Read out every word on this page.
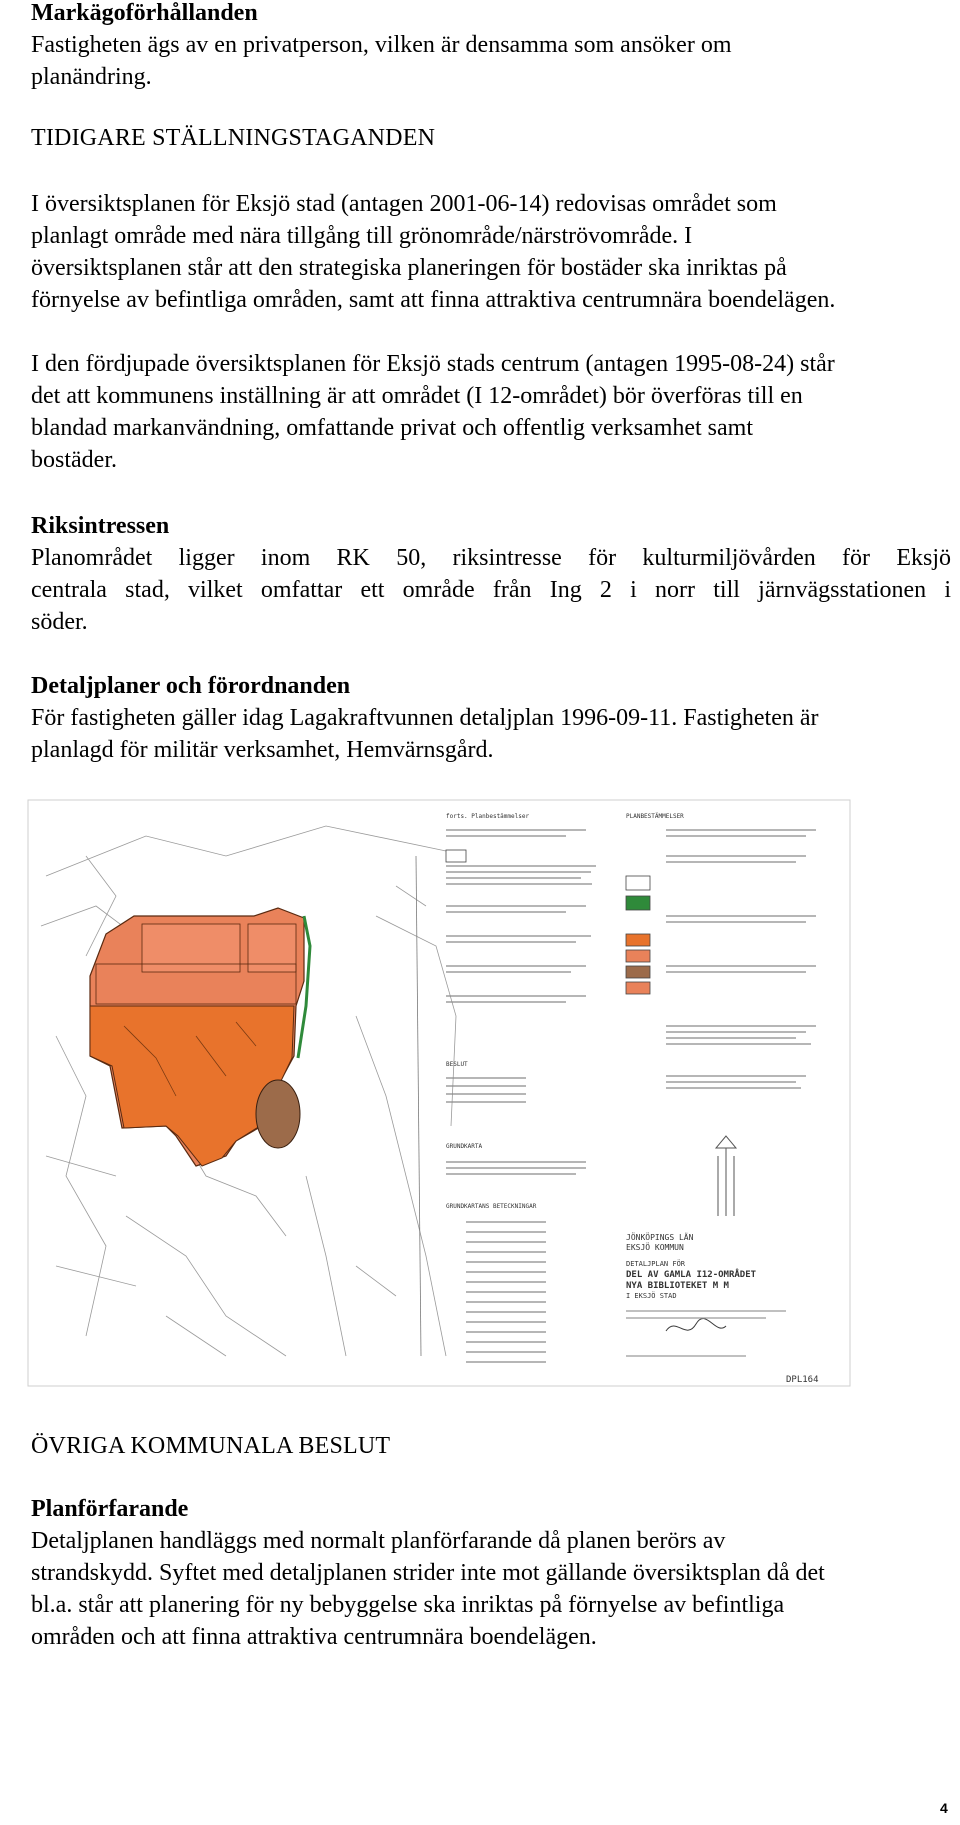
Markägoförhållanden
Fastigheten ägs av en privatperson, vilken är densamma som ansöker om
planändring.
TIDIGARE STÄLLNINGSTAGANDEN
I översiktsplanen för Eksjö stad (antagen 2001-06-14) redovisas området som
planlagt område med nära tillgång till grönområde/närströvområde. I
översiktsplanen står att den strategiska planeringen för bostäder ska inriktas på
förnyelse av befintliga områden, samt att finna attraktiva centrumnära boendelägen.
I den fördjupade översiktsplanen för Eksjö stads centrum (antagen 1995-08-24) står
det att kommunens inställning är att området (I 12-området) bör överföras till en
blandad markanvändning, omfattande privat och offentlig verksamhet samt
bostäder.
Riksintressen
Planområdet ligger inom RK 50, riksintresse för kulturmiljövården för Eksjö
centrala stad, vilket omfattar ett område från Ing 2 i norr till järnvägsstationen i
söder.
Detaljplaner och förordnanden
För fastigheten gäller idag Lagakraftvunnen detaljplan 1996-09-11. Fastigheten är
planlagd för militär verksamhet, Hemvärnsgård.
forts. Planbestämmelser	PLANBESTÄMMELSER
BESLUT
GRUNDKARTA
GRUNDKARTANS BETECKNINGAR
JÖNKÖPINGS LÄN
EKSJÖ KOMMUN
DETALJPLAN FÖR
DEL AV GAMLA I12-OMRÅDET
NYA BIBLIOTEKET M M
I EKSJÖ STAD
DPL164
ÖVRIGA KOMMUNALA BESLUT
Planförfarande
Detaljplanen handläggs med normalt planförfarande då planen berörs av
strandskydd. Syftet med detaljplanen strider inte mot gällande översiktsplan då det
bl.a. står att planering för ny bebyggelse ska inriktas på förnyelse av befintliga
områden och att finna attraktiva centrumnära boendelägen.
4
